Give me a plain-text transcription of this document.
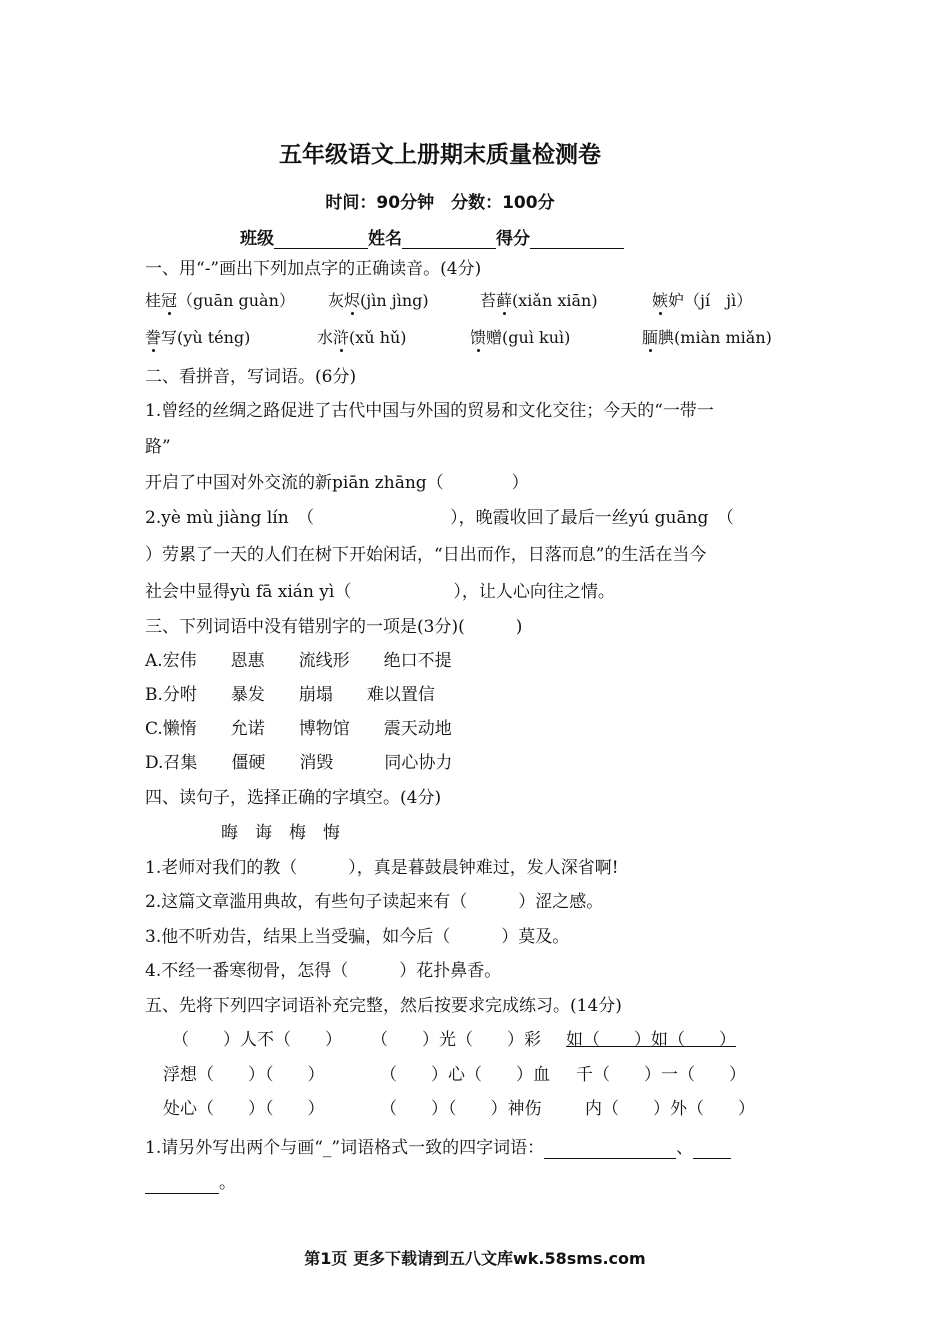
五年级语文上册期末质量检测卷
时间：90分钟　分数：100分
班级	姓名	得分
一、用“-”画出下列加点字的正确读音。(4分)
桂冠（guān guàn） 灰烬(jìn jìng)	苔藓(xiǎn xiān)	嫉妒（jí　jì）
誊写(yù téng)	水浒(xǔ hǔ)	馈赠(guì kuì)	腼腆(miàn miǎn)
二、看拼音，写词语。(6分)
1.曾经的丝绸之路促进了古代中国与外国的贸易和文化交往；今天的“一带一
路”
开启了中国对外交流的新piān zhāng（　　　　）
2.yè mù jiàng lín　（　　　　　　　　），晚霞收回了最后一丝yú guāng　（
）劳累了一天的人们在树下开始闲话，“日出而作，日落而息”的生活在当今
社会中显得yù fā xián yì（　　　　　　），让人心向往之情。
三、下列词语中没有错别字的一项是(3分)(　　　)
A.宏伟　　恩惠　　流线形　　绝口不提
B.分咐　　暴发　　崩塌　　难以置信
C.懒惰　　允诺　　博物馆　　震天动地
D.召集　　僵硬　　消毁　　　同心协力
四、读句子，选择正确的字填空。(4分)
晦　诲　梅　悔
1.老师对我们的教（　　　），真是暮鼓晨钟难过，发人深省啊!
2.这篇文章滥用典故，有些句子读起来有（　　　）涩之感。
3.他不听劝告，结果上当受骗，如今后（　　　）莫及。
4.不经一番寒彻骨，怎得（　　　）花扑鼻香。
五、先将下列四字词语补充完整，然后按要求完成练习。(14分)
（　　）人不（　　） （　　）光（　　）彩 如（　　）如（　　）
浮想（　　）（　　）	（　　）心（　　）血 千（　　）一（　　）
处心（　　）（　　）	（　　）（　　）神伤	内（　　）外（　　）
1.请另外写出两个与画“_”词语格式一致的四字词语：	、
。
第1页 更多下载请到五八文库wk.58sms.com
